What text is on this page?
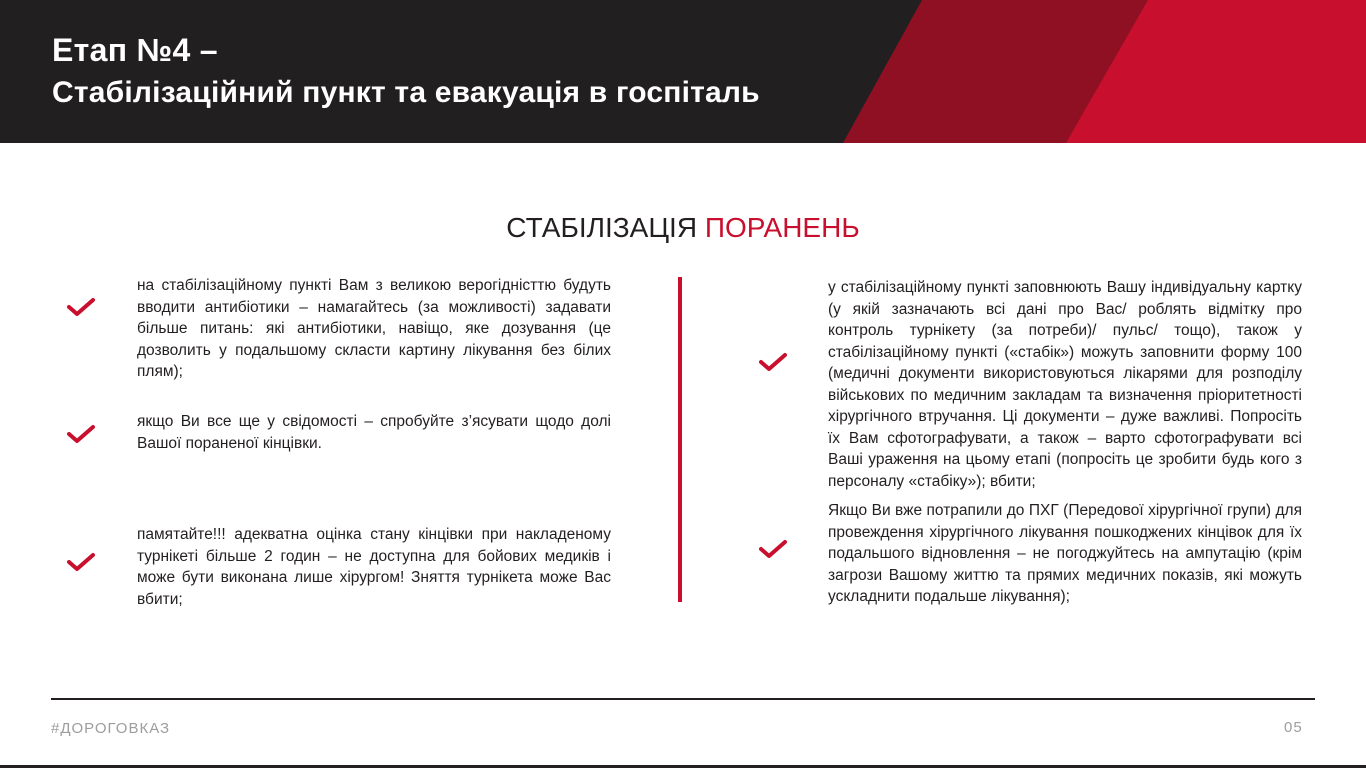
Етап №4 –
Стабілізаційний пункт та евакуація в госпіталь
СТАБІЛІЗАЦІЯ ПОРАНЕНЬ
на стабілізаційному пункті Вам з великою верогідністтю будуть вводити антибіотики – намагайтесь (за можливості) задавати більше питань: які антибіотики, навіщо, яке дозування (це дозволить у подальшому скласти картину лікування без білих плям);
якщо Ви все ще у свідомості – спробуйте з’ясувати щодо долі Вашої пораненої кінцівки.
памятайте!!! адекватна оцінка стану кінцівки при накладеному турнікеті більше 2 годин – не доступна для бойових медиків і може бути виконана лише хірургом! Зняття турнікета може Вас вбити;
у стабілізаційному пункті заповнюють Вашу індивідуальну картку (у якій зазначають всі дані про Вас/ роблять відмітку про контроль турнікету (за потреби)/ пульс/ тощо), також у стабілізаційному пункті («стабік») можуть заповнити форму 100 (медичні документи використовуються лікарями для розподілу військових по медичним закладам та визначення пріоритетності хірургічного втручання. Ці документи – дуже важливі. Попросіть їх Вам сфотографувати, а також – варто сфотографувати всі Ваші ураження на цьому етапі (попросіть це зробити будь кого з персоналу «стабіку»); вбити;
Якщо Ви вже потрапили до ПХГ (Передової хірургічної групи) для провеждення хірургічного лікування пошкоджених кінцівок для їх подальшого відновлення – не погоджуйтесь на ампутацію (крім загрози Вашому життю та прямих медичних показів, які можуть ускладнити подальше лікування);
#ДОРОГОВКАЗ	05
